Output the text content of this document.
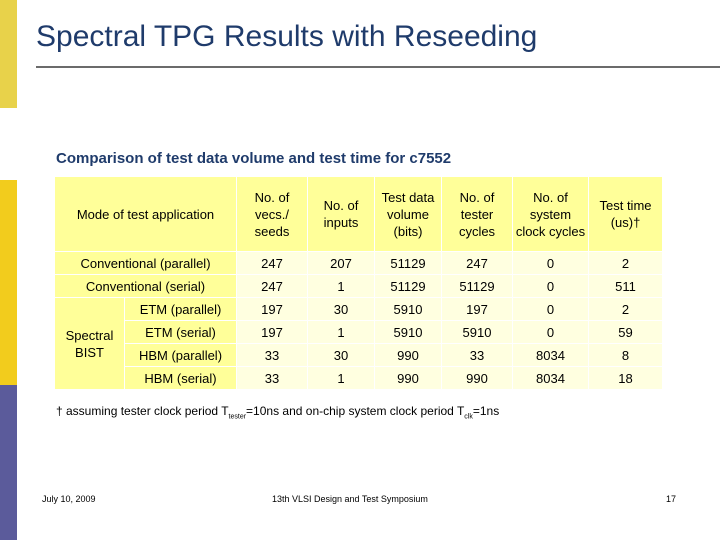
Spectral TPG Results with Reseeding
Comparison of test data volume and test time for c7552
Mode of test application		No. of vecs./ seeds	No. of inputs	Test data volume (bits)	No. of tester cycles	No. of system clock cycles	Test time (us)†
Conventional (parallel)		247	207	51129	247	0	2
Conventional (serial)		247	1	51129	51129	0	511
Spectral BIST	ETM (parallel)	197	30	5910	197	0	2
	ETM (serial)	197	1	5910	5910	0	59
	HBM (parallel)	33	30	990	33	8034	8
	HBM (serial)	33	1	990	990	8034	18
† assuming tester clock period $T_{tester}=10ns$ and on-chip system clock period $T_{clk}=1ns$
July 10, 2009	13th VLSI Design and Test Symposium	17
